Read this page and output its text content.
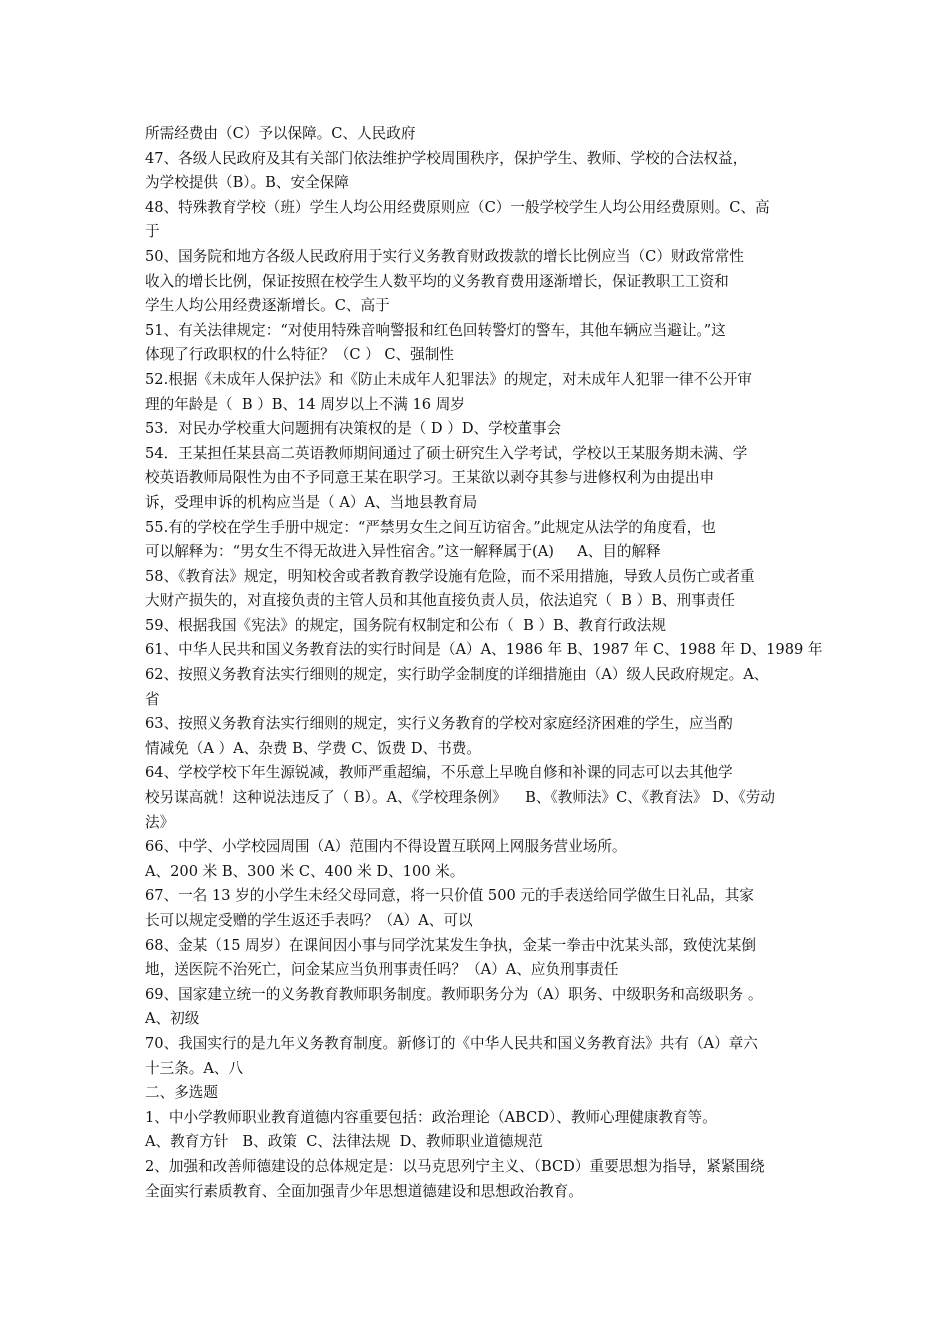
所需经费由（C）予以保障。C、人民政府
47、各级人民政府及其有关部门依法维护学校周围秩序，保护学生、教师、学校的合法权益，
为学校提供（B）。B、安全保障
48、特殊教育学校（班）学生人均公用经费原则应（C）一般学校学生人均公用经费原则。C、高
于
50、国务院和地方各级人民政府用于实行义务教育财政拨款的增长比例应当（C）财政常常性
收入的增长比例，保证按照在校学生人数平均的义务教育费用逐渐增长，保证教职工工资和
学生人均公用经费逐渐增长。C、高于
51、有关法律规定：“对使用特殊音响警报和红色回转警灯的警车，其他车辆应当避让。”这
体现了行政职权的什么特征？（C ） C、强制性
52.根据《未成年人保护法》和《防止未成年人犯罪法》的规定，对未成年人犯罪一律不公开审
理的年龄是（  B ）B、14 周岁以上不满 16 周岁
53．对民办学校重大问题拥有决策权的是（ D ）D、学校董事会
54．王某担任某县高二英语教师期间通过了硕士研究生入学考试，学校以王某服务期未满、学
校英语教师局限性为由不予同意王某在职学习。王某欲以剥夺其参与进修权利为由提出申
诉，受理申诉的机构应当是（ A）A、当地县教育局
55.有的学校在学生手册中规定：“严禁男女生之间互访宿舍。”此规定从法学的角度看，也
可以解释为：“男女生不得无故进入异性宿舍。”这一解释属于(A)     A、目的解释
58、《教育法》规定，明知校舍或者教育教学设施有危险，而不采用措施，导致人员伤亡或者重
大财产损失的，对直接负责的主管人员和其他直接负责人员，依法追究（  B ）B、刑事责任
59、根据我国《宪法》的规定，国务院有权制定和公布（  B ）B、教育行政法规
61、中华人民共和国义务教育法的实行时间是（A）A、1986 年 B、1987 年 C、1988 年 D、1989 年
62、按照义务教育法实行细则的规定，实行助学金制度的详细措施由（A）级人民政府规定。A、
省
63、按照义务教育法实行细则的规定，实行义务教育的学校对家庭经济困难的学生，应当酌
情减免（A ）A、杂费 B、学费 C、饭费 D、书费。
64、学校学校下年生源锐减，教师严重超编，不乐意上早晚自修和补课的同志可以去其他学
校另谋高就！这种说法违反了（ B）。A、《学校理条例》    B、《教师法》C、《教育法》 D、《劳动
法》
66、中学、小学校园周围（A）范围内不得设置互联网上网服务营业场所。
A、200 米 B、300 米 C、400 米 D、100 米。
67、一名 13 岁的小学生未经父母同意，将一只价值 500 元的手表送给同学做生日礼品，其家
长可以规定受赠的学生返还手表吗？（A）A、可以
68、金某（15 周岁）在课间因小事与同学沈某发生争执，金某一拳击中沈某头部，致使沈某倒
地，送医院不治死亡，问金某应当负刑事责任吗？（A）A、应负刑事责任
69、国家建立统一的义务教育教师职务制度。教师职务分为（A）职务、中级职务和高级职务 。
A、初级
70、我国实行的是九年义务教育制度。新修订的《中华人民共和国义务教育法》共有（A）章六
十三条。A、八
二、多选题
1、中小学教师职业教育道德内容重要包括：政治理论（ABCD）、教师心理健康教育等。
A、教育方针   B、政策  C、法律法规  D、教师职业道德规范
2、加强和改善师德建设的总体规定是：以马克思列宁主义、（BCD）重要思想为指导，紧紧围绕
全面实行素质教育、全面加强青少年思想道德建设和思想政治教育。
